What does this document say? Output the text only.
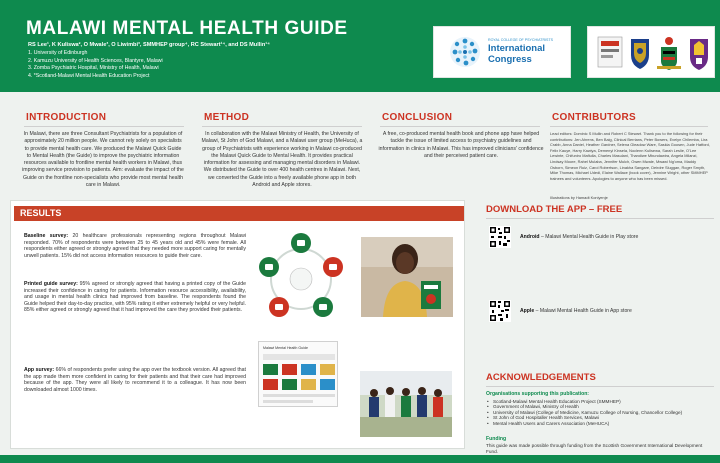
MALAWI MENTAL HEALTH GUIDE
RS Lee¹, K Kuliswa², O Mwale³, O Liwimbi³, SMMHEP group⁴, RC Stewart¹⁴, and DS Mullin¹⁴
1. University of Edinburgh
2. Kamuzu University of Health Sciences, Blantyre, Malawi
3. Zomba Psychiatric Hospital, Ministry of Health, Malawi
4. *Scotland-Malawi Mental Health Education Project
ROYAL COLLEGE OF PSYCHIATRISTS
International
Congress
INTRODUCTION
In Malawi, there are three Consultant Psychiatrists for a population of approximately 20 million people. We cannot rely solely on specialists to provide mental health care. We produced the Malawi Quick Guide to Mental Health (the Guide) to improve the psychiatric information resources available to frontline mental health workers in Malawi, thus improving service provision to patients. Aim: evaluate the impact of the Guide on the frontline non-specialists who provide most mental health care in Malawi.
METHOD
In collaboration with the Malawi Ministry of Health, the University of Malawi, St John of God Malawi, and a Malawi user group (MeHuca), a group of Psychiatrists with experience working in Malawi co-produced the Malawi Quick Guide to Mental Health. It provides practical information for assessing and managing mental disorders in Malawi. We distributed the Guide to over 400 health centres in Malawi. Next, we converted the Guide into a freely available phone app in both Android and Apple stores.
CONCLUSION
A free, co-produced mental health book and phone app have helped tackle the issue of limited access to psychiatry guidelines and information in clinics in Malawi. This has improved clinicians' confidence and their perceived patient care.
CONTRIBUTORS
Lead editors: Dominic S Mullin and Robert C Stewart. Thank you to the following for their contributions: Jen Ahrens, Ben Baig, Clinical Berrians, Peter Bowers, Evelyn Chilemba, Lira Crabb, Anna Daniel, Heather Gardner, Selena Gleadow Ware, Saskia Goosen, Jude Hatford, Felix Kauye, Harry Kawiya, Demenyi Kinsela, Noclenn Kulisewa, Sarah Leslie, O'Lee Lewinte, Chifuniro Mafiulla, Charles Masulani, Thandiwe Mbundawira, Angela Milanzi, Lindsay Moore, Rahel Mulaba, Jennifer Mulch, Owen Mwale, Mwawi Ng'oma, Maddy Osborn, Simeon Ruiz, Carol Robertson, Linakha Sangare, Deirdre Sluggan, Roger Smyth, Mike Thomas, Michael Udedi, Elaine Wallace (book cover), Jennine Wright, other SMMHEP trainees and volunteers. Apologies to anyone who has been missed.
Illustrations by Hamadt Koniyenje
RESULTS
Baseline survey: 20 healthcare professionals representing regions throughout Malawi responded. 70% of respondents were between 25 to 45 years old and 45% were female. All respondents either agreed or strongly agreed that they needed more support caring for mentally unwell patients. 15% did not access information resources to guide their care.
Printed guide survey: 95% agreed or strongly agreed that having a printed copy of the Guide increased their confidence in caring for patients. Information resource accessibility, availability, and usage in mental health clinics had improved from baseline. The respondents found the Guide helped their day-to-day practice, with 95% rating it either extremely helpful or very helpful. 85% either agreed or strongly agreed that it had improved the care they provided their patients.
App survey: 66% of respondents prefer using the app over the textbook version. All agreed that the app made them more confident in caring for their patients and that their care had improved because of the app. They were all likely to recommend it to a colleague. It has now been downloaded almost 1000 times.
Malawi Mental Health Guide
DOWNLOAD THE APP – FREE
Android – Malawi Mental Health Guide in Play store
Apple – Malawi Mental Health Guide in App store
ACKNOWLEDGEMENTS
Organisations supporting this publication:
• Scotland-Malawi Mental Health Education Project (SMMHEP)
• Government of Malawi, Ministry of Health
• University of Malawi (College of Medicine, Kamuzu College of Nursing, Chancellor College)
• St John of God Hospitaller Health Services, Malawi
• Mental Health Users and Carers Association (MeHUCA)
Funding
This guide was made possible through funding from the Scottish Government International Development Fund.
